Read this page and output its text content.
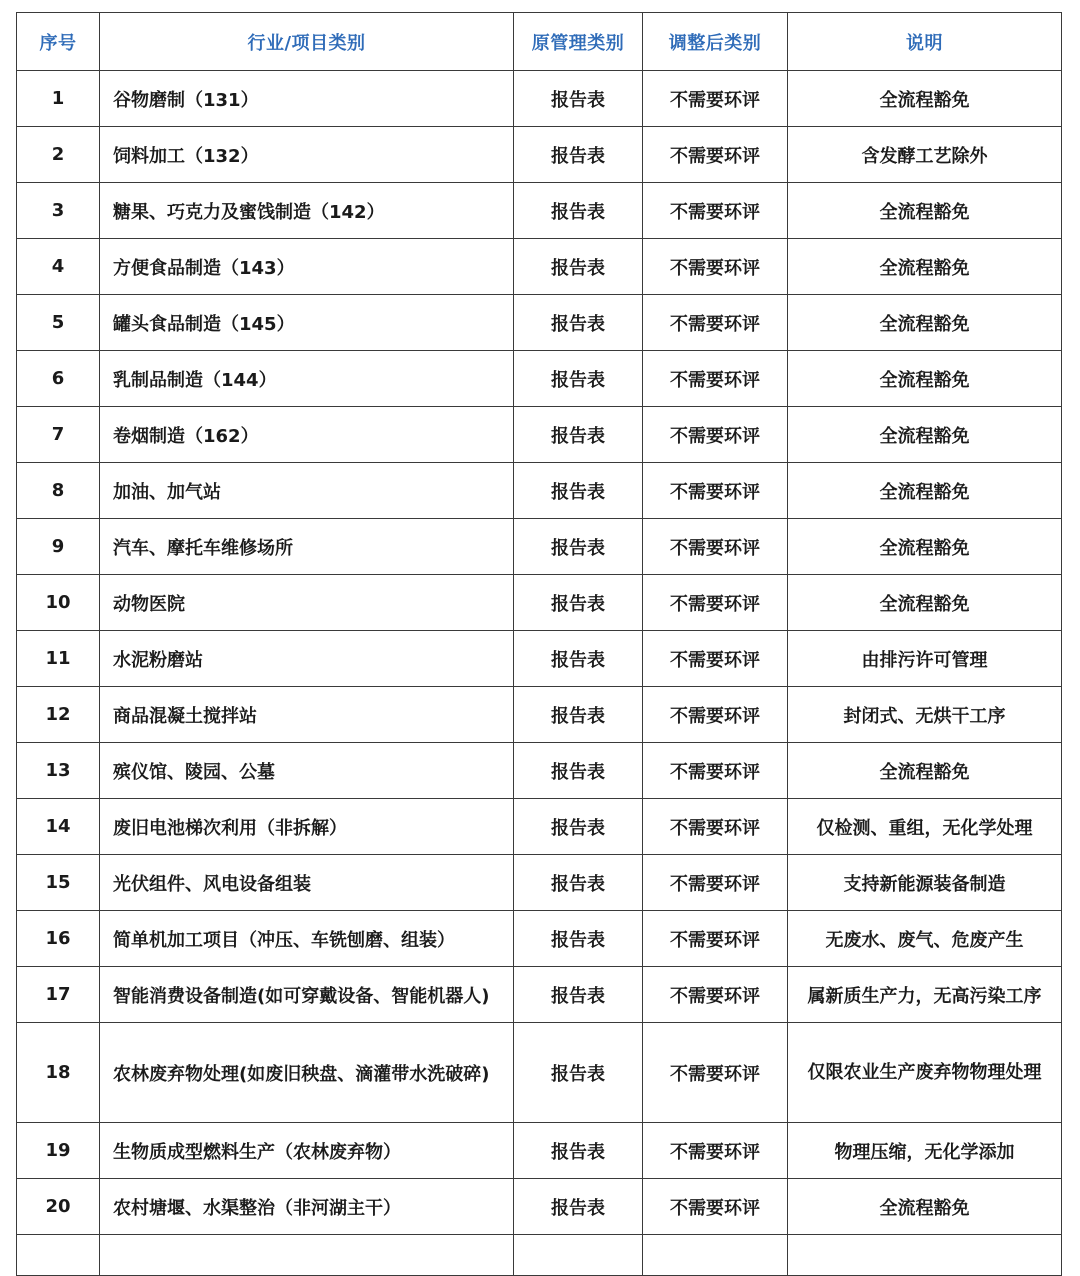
序号	行业/项目类别	原管理类别	调整后类别	说明
1	谷物磨制（131）	报告表	不需要环评	全流程豁免
2	饲料加工（132）	报告表	不需要环评	含发酵工艺除外
3	糖果、巧克力及蜜饯制造（142）	报告表	不需要环评	全流程豁免
4	方便食品制造（143）	报告表	不需要环评	全流程豁免
5	罐头食品制造（145）	报告表	不需要环评	全流程豁免
6	乳制品制造（144）	报告表	不需要环评	全流程豁免
7	卷烟制造（162）	报告表	不需要环评	全流程豁免
8	加油、加气站	报告表	不需要环评	全流程豁免
9	汽车、摩托车维修场所	报告表	不需要环评	全流程豁免
10	动物医院	报告表	不需要环评	全流程豁免
11	水泥粉磨站	报告表	不需要环评	由排污许可管理
12	商品混凝土搅拌站	报告表	不需要环评	封闭式、无烘干工序
13	殡仪馆、陵园、公墓	报告表	不需要环评	全流程豁免
14	废旧电池梯次利用（非拆解）	报告表	不需要环评	仅检测、重组，无化学处理
15	光伏组件、风电设备组装	报告表	不需要环评	支持新能源装备制造
16	简单机加工项目（冲压、车铣刨磨、组装）	报告表	不需要环评	无废水、废气、危废产生
17	智能消费设备制造(如可穿戴设备、智能机器人)	报告表	不需要环评	属新质生产力，无高污染工序
18	农林废弃物处理(如废旧秧盘、滴灌带水洗破碎)	报告表	不需要环评	仅限农业生产废弃物物理处理
19	生物质成型燃料生产（农林废弃物）	报告表	不需要环评	物理压缩，无化学添加
20	农村塘堰、水渠整治（非河湖主干）	报告表	不需要环评	全流程豁免
